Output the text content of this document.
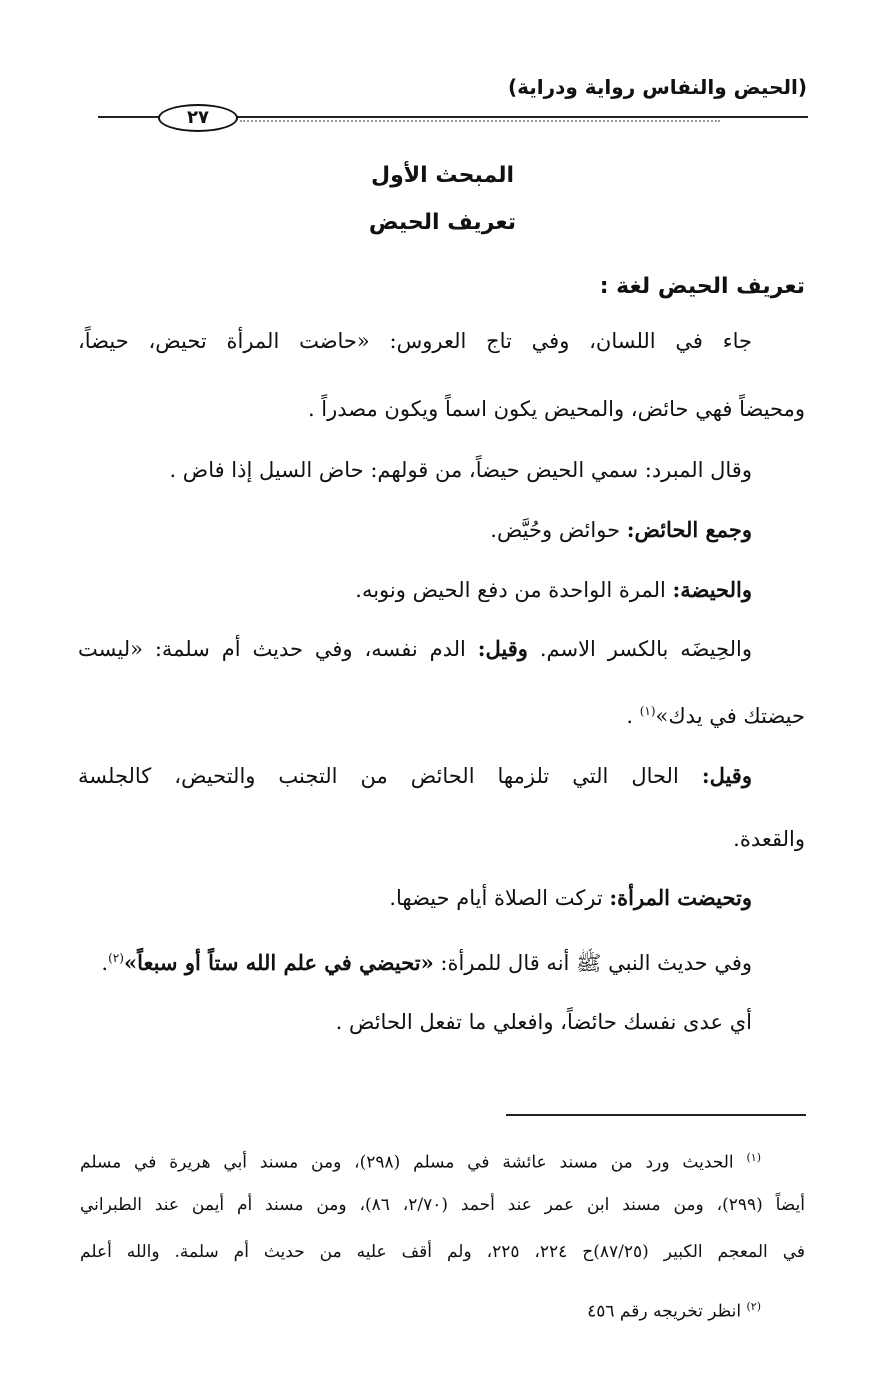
(الحيض والنفاس رواية ودراية)
٢٧
المبحث الأول
تعريف الحيض
تعريف الحيض لغة :
جاء في اللسان، وفي تاج العروس: «حاضت المرأة تحيض، حيضاً،
ومحيضاً فهي حائض، والمحيض يكون اسماً ويكون مصدراً .
وقال المبرد: سمي الحيض حيضاً، من قولهم: حاض السيل إذا فاض .
وجمع الحائض: حوائض وحُيَّض.
والحيضة: المرة الواحدة من دفع الحيض ونوبه.
والحِيضَه بالكسر الاسم. وقيل: الدم نفسه، وفي حديث أم سلمة: «ليست
حيضتك في يدك»$^{(١)}$ .
وقيل: الحال التي تلزمها الحائض من التجنب والتحيض، كالجلسة
والقعدة.
وتحيضت المرأة: تركت الصلاة أيام حيضها.
وفي حديث النبي ﷺ أنه قال للمرأة: «تحيضي في علم الله ستاً أو سبعاً»$^{(٢)}$.
أي عدى نفسك حائضاً، وافعلي ما تفعل الحائض .
$^{(١)}$ الحديث ورد من مسند عائشة في مسلم (٢٩٨)، ومن مسند أبي هريرة في مسلم
أيضاً (٢٩٩)، ومن مسند ابن عمر عند أحمد (٢/٧٠، ٨٦)، ومن مسند أم أيمن عند الطبراني
في المعجم الكبير (٨٧/٢٥)ح ٢٢٤، ٢٢٥، ولم أقف عليه من حديث أم سلمة. والله أعلم
$^{(٢)}$ انظر تخريجه رقم ٤٥٦
